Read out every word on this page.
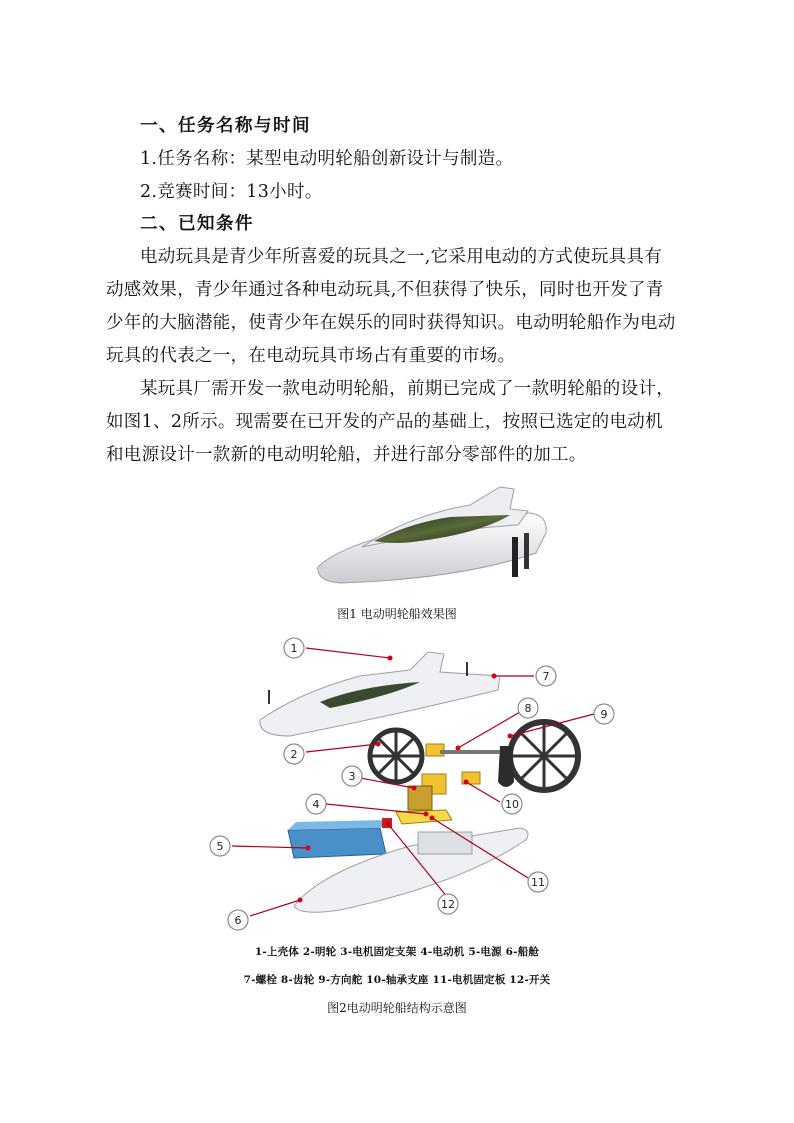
一、任务名称与时间
1.任务名称：某型电动明轮船创新设计与制造。
2.竞赛时间：13小时。
二、已知条件
电动玩具是青少年所喜爱的玩具之一,它采用电动的方式使玩具具有
动感效果，青少年通过各种电动玩具,不但获得了快乐，同时也开发了青
少年的大脑潜能，使青少年在娱乐的同时获得知识。电动明轮船作为电动
玩具的代表之一，在电动玩具市场占有重要的市场。
某玩具厂需开发一款电动明轮船，前期已完成了一款明轮船的设计，
如图1、2所示。现需要在已开发的产品的基础上，按照已选定的电动机
和电源设计一款新的电动明轮船，并进行部分零部件的加工。
图1 电动明轮船效果图
1
2
3
4
5
6
7
8	9
10
11
12
1-上壳体 2-明轮 3-电机固定支架 4-电动机 5-电源 6-船舱
7-螺栓 8-齿轮 9-方向舵 10-轴承支座 11-电机固定板 12-开关
图2电动明轮船结构示意图
